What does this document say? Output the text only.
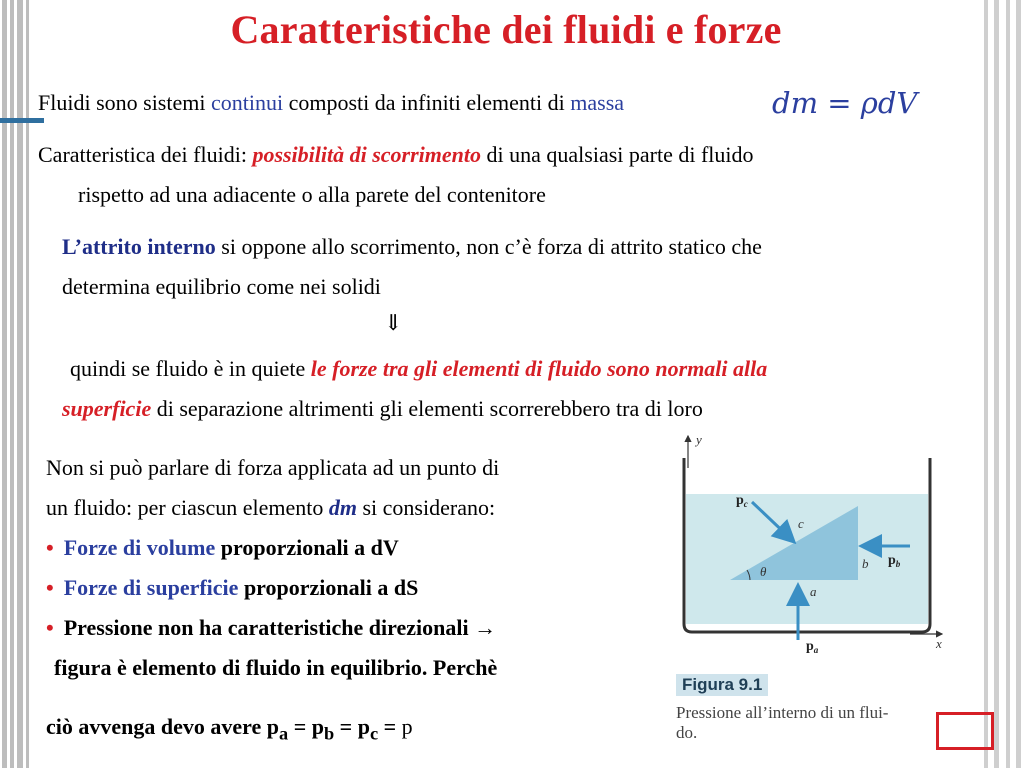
Caratteristiche dei fluidi e forze
Fluidi sono sistemi continui composti da infiniti elementi di massa	dm = ρdV
Caratteristica dei fluidi: possibilità di scorrimento di una qualsiasi parte di fluido
rispetto ad una adiacente o alla parete del contenitore
L’attrito interno si oppone allo scorrimento, non c’è forza di attrito statico che
determina equilibrio come nei solidi
⇓
quindi se fluido è in quiete le forze tra gli elementi di fluido sono normali alla
superficie di separazione altrimenti gli elementi scorrerebbero tra di loro
Non si può parlare di forza applicata ad un punto di
un fluido: per ciascun elemento dm si considerano:
• Forze di volume proporzionali a dV
• Forze di superficie proporzionali a dS
• Pressione non ha caratteristiche direzionali →
figura è elemento di fluido in equilibrio. Perchè
ciò avvenga devo avere $p_a = p_b = p_c = p$
y
x
$p_c$
$p_b$
$p_a$
c
b
a
θ
Figura 9.1
Pressione all’interno di un flui-
do.
